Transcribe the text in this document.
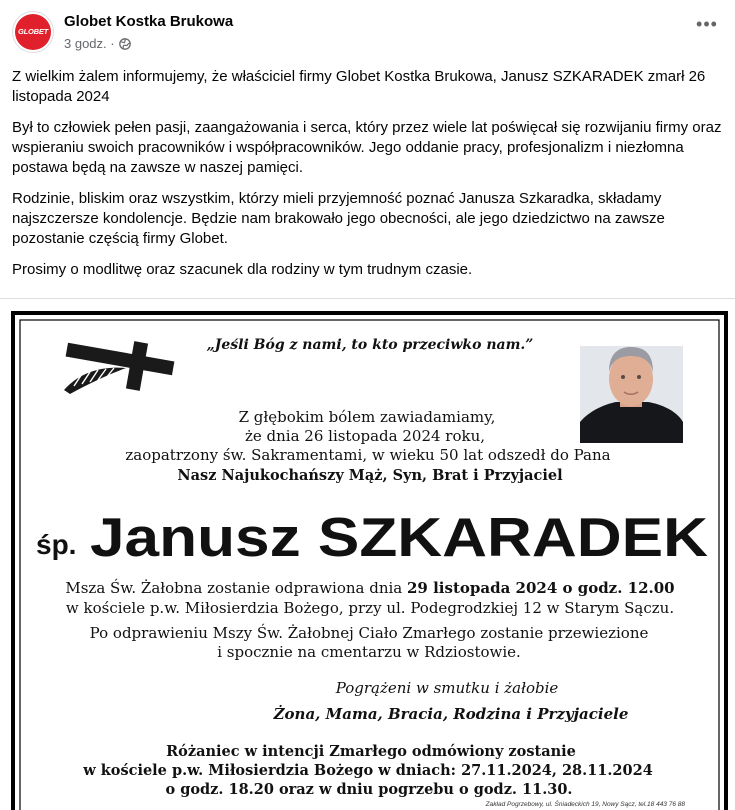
GLOBET
Globet Kostka Brukowa
3 godz. ·
•••

Z wielkim żalem informujemy, że właściciel firmy Globet Kostka Brukowa, Janusz SZKARADEK zmarł 26 listopada 2024

Był to człowiek pełen pasji, zaangażowania i serca, który przez wiele lat poświęcał się rozwijaniu firmy oraz wspieraniu swoich pracowników i współpracowników. Jego oddanie pracy, profesjonalizm i niezłomna postawa będą na zawsze w naszej pamięci.

Rodzinie, bliskim oraz wszystkim, którzy mieli przyjemność poznać Janusza Szkaradka, składamy najszczersze kondolencje. Będzie nam brakowało jego obecności, ale jego dziedzictwo na zawsze pozostanie częścią firmy Globet.

Prosimy o modlitwę oraz szacunek dla rodziny w tym trudnym czasie.

„Jeśli Bóg z nami, to kto przeciwko nam.”
Z głębokim bólem zawiadamiamy,
że dnia 26 listopada 2024 roku,
zaopatrzony św. Sakramentami, w wieku 50 lat odszedł do Pana
Nasz Najukochańszy Mąż, Syn, Brat i Przyjaciel
śp. Janusz SZKARADEK
Msza Św. Żałobna zostanie odprawiona dnia 29 listopada 2024 o godz. 12.00
w kościele p.w. Miłosierdzia Bożego, przy ul. Podegrodzkiej 12 w Starym Sączu.
Po odprawieniu Mszy Św. Żałobnej Ciało Zmarłego zostanie przewiezione
i spocznie na cmentarzu w Rdziostowie.
Pogrążeni w smutku i żałobie
Żona, Mama, Bracia, Rodzina i Przyjaciele
Różaniec w intencji Zmarłego odmówiony zostanie
w kościele p.w. Miłosierdzia Bożego w dniach: 27.11.2024, 28.11.2024
o godz. 18.20 oraz w dniu pogrzebu o godz. 11.30.
Zakład Pogrzebowy, ul. Śniadeckich 19, Nowy Sącz, tel.18 443 76 88
